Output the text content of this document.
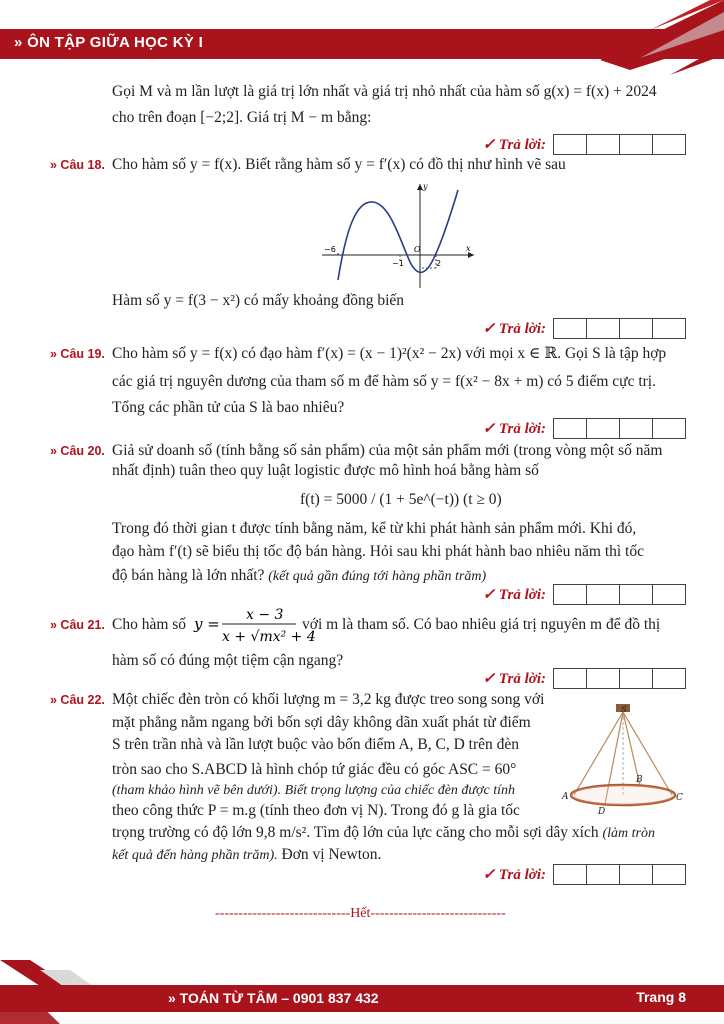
» ÔN TẬP GIỮA HỌC KỲ I
Gọi M và m lần lượt là giá trị lớn nhất và giá trị nhỏ nhất của hàm số g(x) = f(x) + 2024
cho trên đoạn [−2;2]. Giá trị M − m bằng:
✓ Trả lời:
» Câu 18. Cho hàm số y = f(x). Biết rằng hàm số y = f′(x) có đồ thị như hình vẽ sau
−6
−1	2
O	x
y
Hàm số y = f(3 − x²) có mấy khoảng đồng biến
✓ Trả lời:
» Câu 19. Cho hàm số y = f(x) có đạo hàm f′(x) = (x − 1)²(x² − 2x) với mọi x ∈ ℝ. Gọi S là tập hợp
các giá trị nguyên dương của tham số m để hàm số y = f(x² − 8x + m) có 5 điểm cực trị.
Tổng các phần tử của S là bao nhiêu?
✓ Trả lời:
» Câu 20. Giả sử doanh số (tính bằng số sản phẩm) của một sản phẩm mới (trong vòng một số năm
nhất định) tuân theo quy luật logistic được mô hình hoá bằng hàm số
f(t) = 5000 / (1 + 5e^(−t)) (t ≥ 0)
Trong đó thời gian t được tính bằng năm, kể từ khi phát hành sản phẩm mới. Khi đó,
đạo hàm f′(t) sẽ biểu thị tốc độ bán hàng. Hỏi sau khi phát hành bao nhiêu năm thì tốc
độ bán hàng là lớn nhất? (kết quả gần đúng tới hàng phần trăm)
✓ Trả lời:
» Câu 21. Cho hàm số y = x − 3
x + √mx² + 4
với m là tham số. Có bao nhiêu giá trị nguyên m để đồ thị
hàm số có đúng một tiệm cận ngang?
✓ Trả lời:
» Câu 22. Một chiếc đèn tròn có khối lượng m = 3,2 kg được treo song song với
mặt phẳng nằm ngang bởi bốn sợi dây không dãn xuất phát từ điểm
S trên trần nhà và lần lượt buộc vào bốn điểm A, B, C, D trên đèn
tròn sao cho S.ABCD là hình chóp tứ giác đều có góc ASC = 60°
(tham khảo hình vẽ bên dưới). Biết trọng lượng của chiếc đèn được tính
theo công thức P = m.g (tính theo đơn vị N). Trong đó g là gia tốc
trọng trường có độ lớn 9,8 m/s². Tìm độ lớn của lực căng cho mỗi sợi dây xích (làm tròn
kết quả đến hàng phần trăm). Đơn vị Newton.
S
A
B
C
D
✓ Trả lời:
-----------------------------Hết-----------------------------
» TOÁN TỪ TÂM – 0901 837 432	Trang 8
